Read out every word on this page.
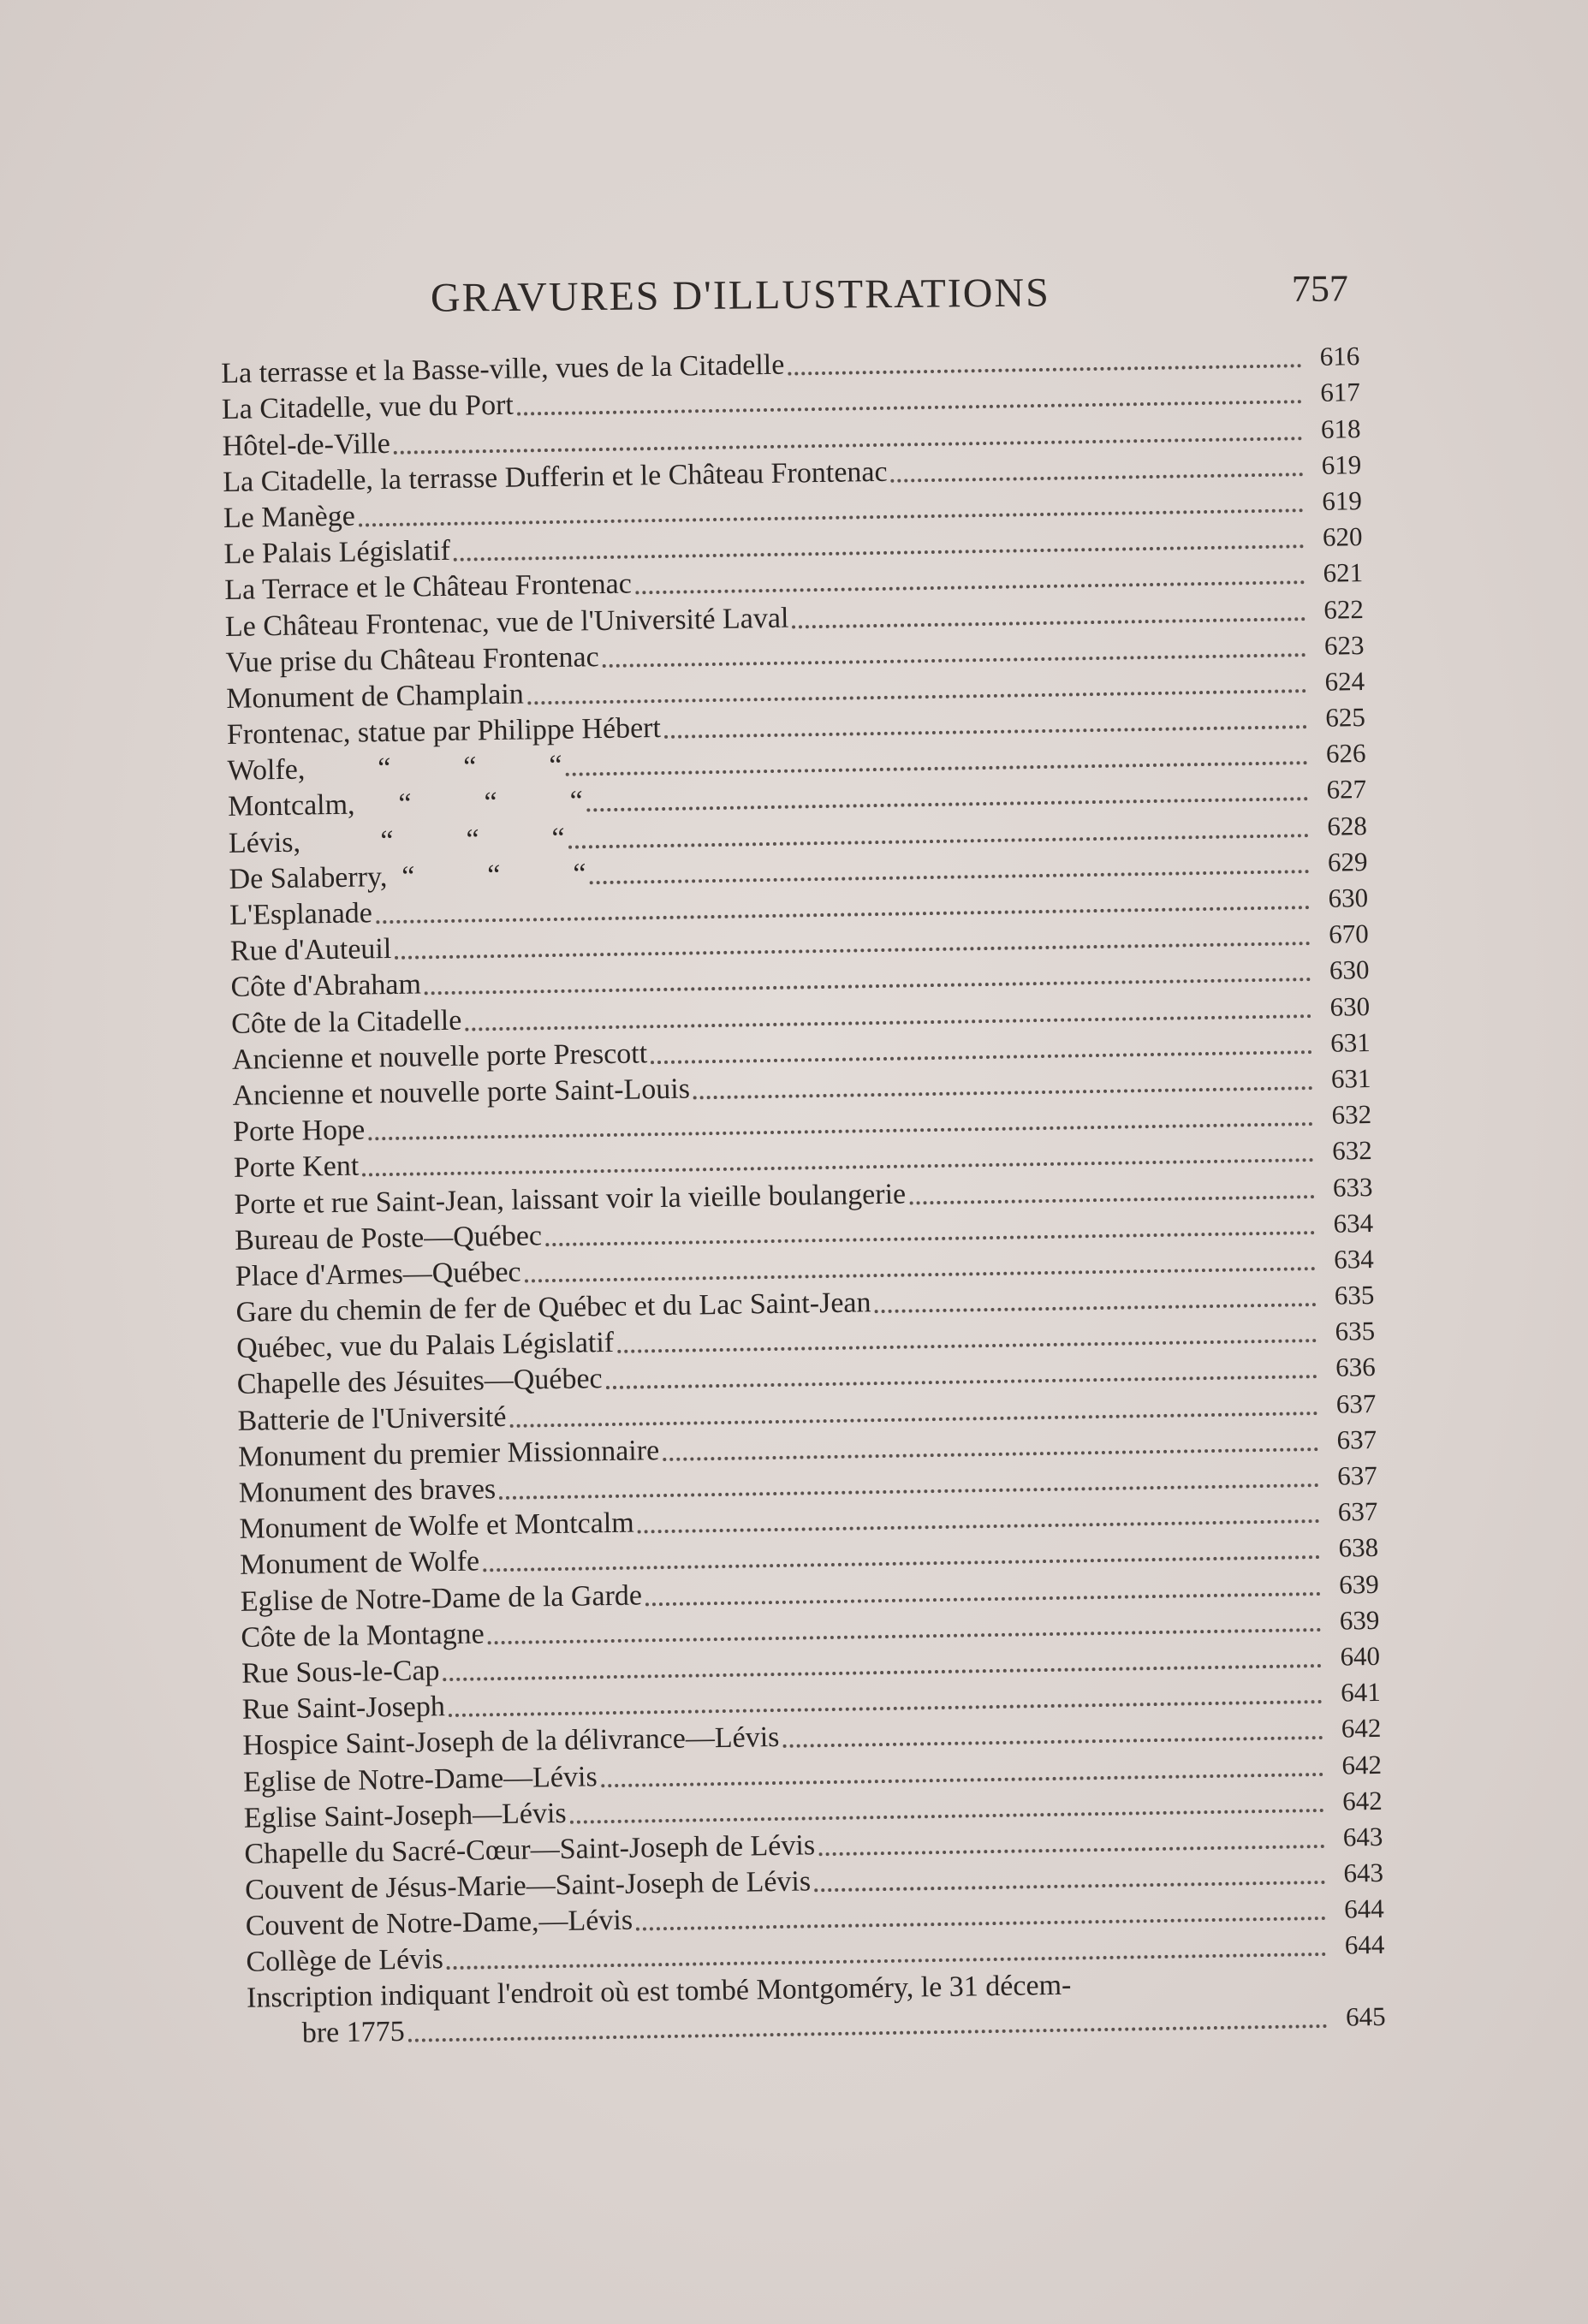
GRAVURES D'ILLUSTRATIONS	757
La terrasse et la Basse-ville, vues de la Citadelle	616
La Citadelle, vue du Port	617
Hôtel-de-Ville	618
La Citadelle, la terrasse Dufferin et le Château Frontenac	619
Le Manège	619
Le Palais Législatif	620
La Terrace et le Château Frontenac	621
Le Château Frontenac, vue de l'Université Laval	622
Vue prise du Château Frontenac	623
Monument de Champlain	624
Frontenac, statue par Philippe Hébert	625
Wolfe,          “          “          “	626
Montcalm,      “          “          “	627
Lévis,           “          “          “	628
De Salaberry,  “          “          “	629
L'Esplanade	630
Rue d'Auteuil	670
Côte d'Abraham	630
Côte de la Citadelle	630
Ancienne et nouvelle porte Prescott	631
Ancienne et nouvelle porte Saint-Louis	631
Porte Hope	632
Porte Kent	632
Porte et rue Saint-Jean, laissant voir la vieille boulangerie	633
Bureau de Poste—Québec	634
Place d'Armes—Québec	634
Gare du chemin de fer de Québec et du Lac Saint-Jean	635
Québec, vue du Palais Législatif	635
Chapelle des Jésuites—Québec	636
Batterie de l'Université	637
Monument du premier Missionnaire	637
Monument des braves	637
Monument de Wolfe et Montcalm	637
Monument de Wolfe	638
Eglise de Notre-Dame de la Garde	639
Côte de la Montagne	639
Rue Sous-le-Cap	640
Rue Saint-Joseph	641
Hospice Saint-Joseph de la délivrance—Lévis	642
Eglise de Notre-Dame—Lévis	642
Eglise Saint-Joseph—Lévis	642
Chapelle du Sacré-Cœur—Saint-Joseph de Lévis	643
Couvent de Jésus-Marie—Saint-Joseph de Lévis	643
Couvent de Notre-Dame,—Lévis	644
Collège de Lévis	644
Inscription indiquant l'endroit où est tombé Montgoméry, le 31 décem-
bre 1775	645
